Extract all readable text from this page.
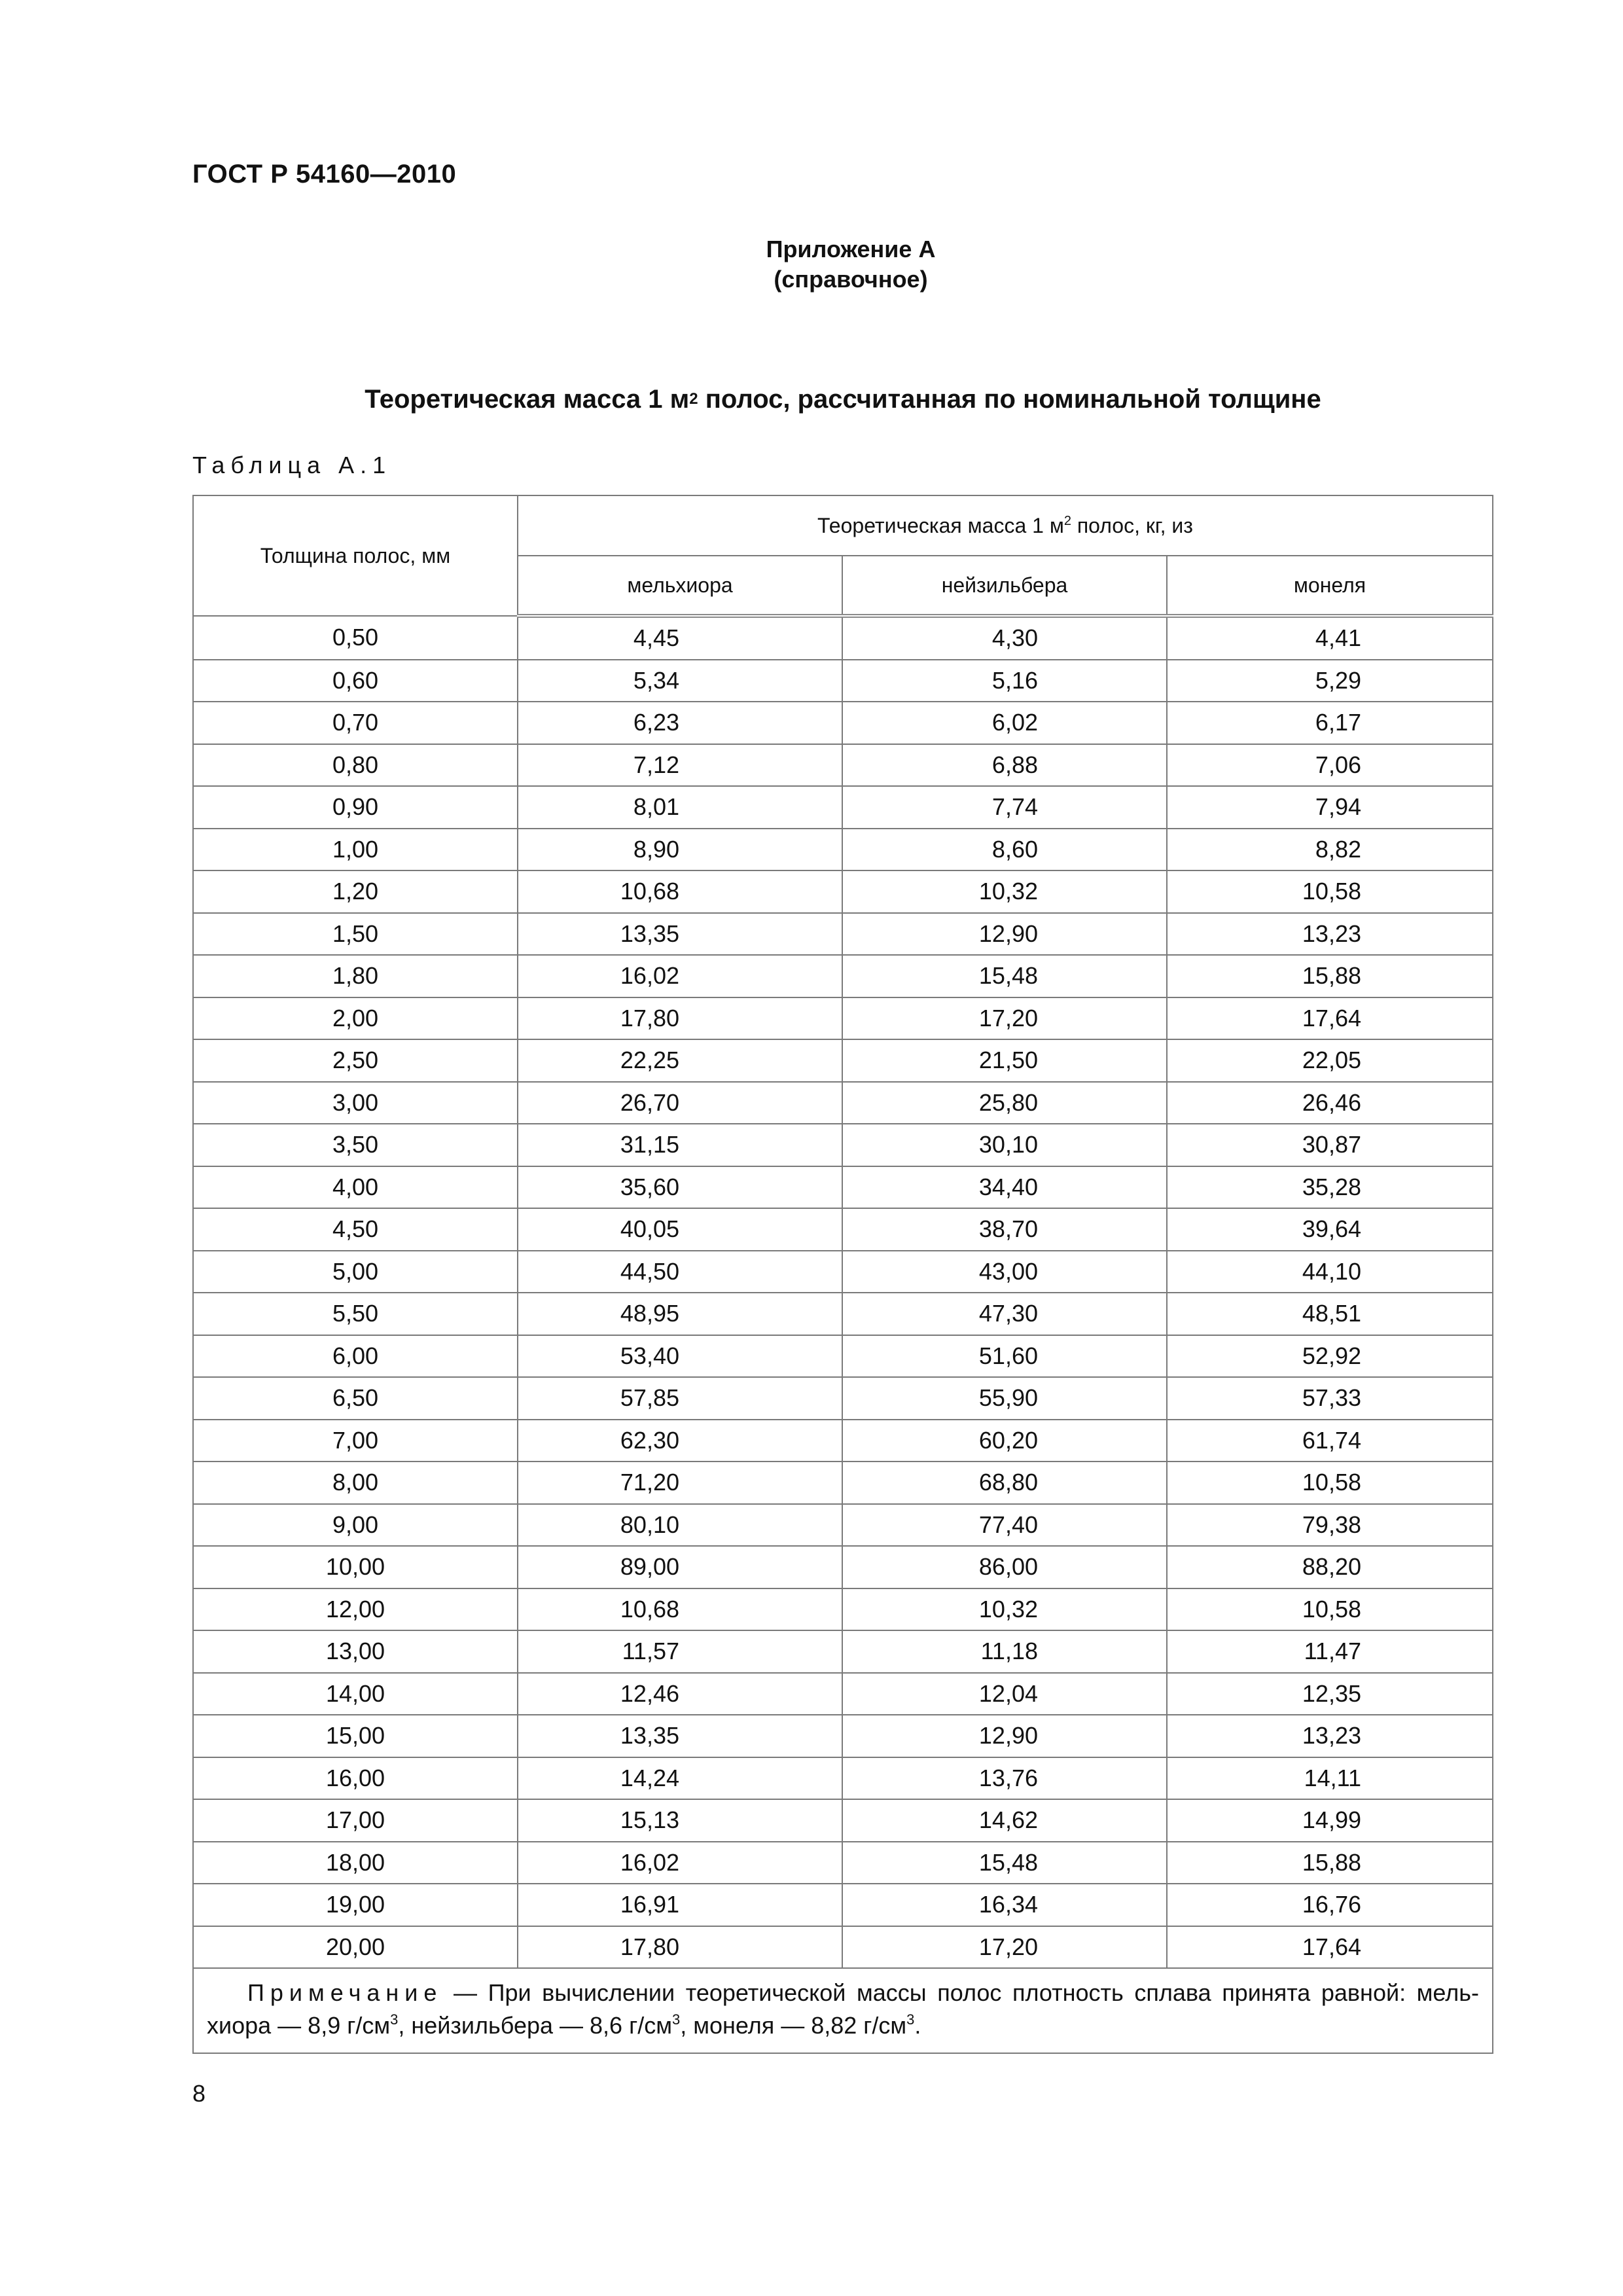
ГОСТ Р 54160—2010
Приложение А
(справочное)
Теоретическая масса 1 $м^2$ полос, рассчитанная по номинальной толщине
Таблица А.1
Толщина полос, мм	Теоретическая масса 1 $м^2$ полос, кг, из		
	мельхиора	нейзильбера	монеля
0,50	4,45	4,30	4,41
0,60	5,34	5,16	5,29
0,70	6,23	6,02	6,17
0,80	7,12	6,88	7,06
0,90	8,01	7,74	7,94
1,00	8,90	8,60	8,82
1,20	10,68	10,32	10,58
1,50	13,35	12,90	13,23
1,80	16,02	15,48	15,88
2,00	17,80	17,20	17,64
2,50	22,25	21,50	22,05
3,00	26,70	25,80	26,46
3,50	31,15	30,10	30,87
4,00	35,60	34,40	35,28
4,50	40,05	38,70	39,64
5,00	44,50	43,00	44,10
5,50	48,95	47,30	48,51
6,00	53,40	51,60	52,92
6,50	57,85	55,90	57,33
7,00	62,30	60,20	61,74
8,00	71,20	68,80	10,58
9,00	80,10	77,40	79,38
10,00	89,00	86,00	88,20
12,00	10,68	10,32	10,58
13,00	11,57	11,18	11,47
14,00	12,46	12,04	12,35
15,00	13,35	12,90	13,23
16,00	14,24	13,76	14,11
17,00	15,13	14,62	14,99
18,00	16,02	15,48	15,88
19,00	16,91	16,34	16,76
20,00	17,80	17,20	17,64
Примечание — При вычислении теоретической массы полос плотность сплава принята равной: мель-хиора — 8,9 $г/см^3$, нейзильбера — 8,6 $г/см^3$, монеля — 8,82 $г/см^3$.			
8
